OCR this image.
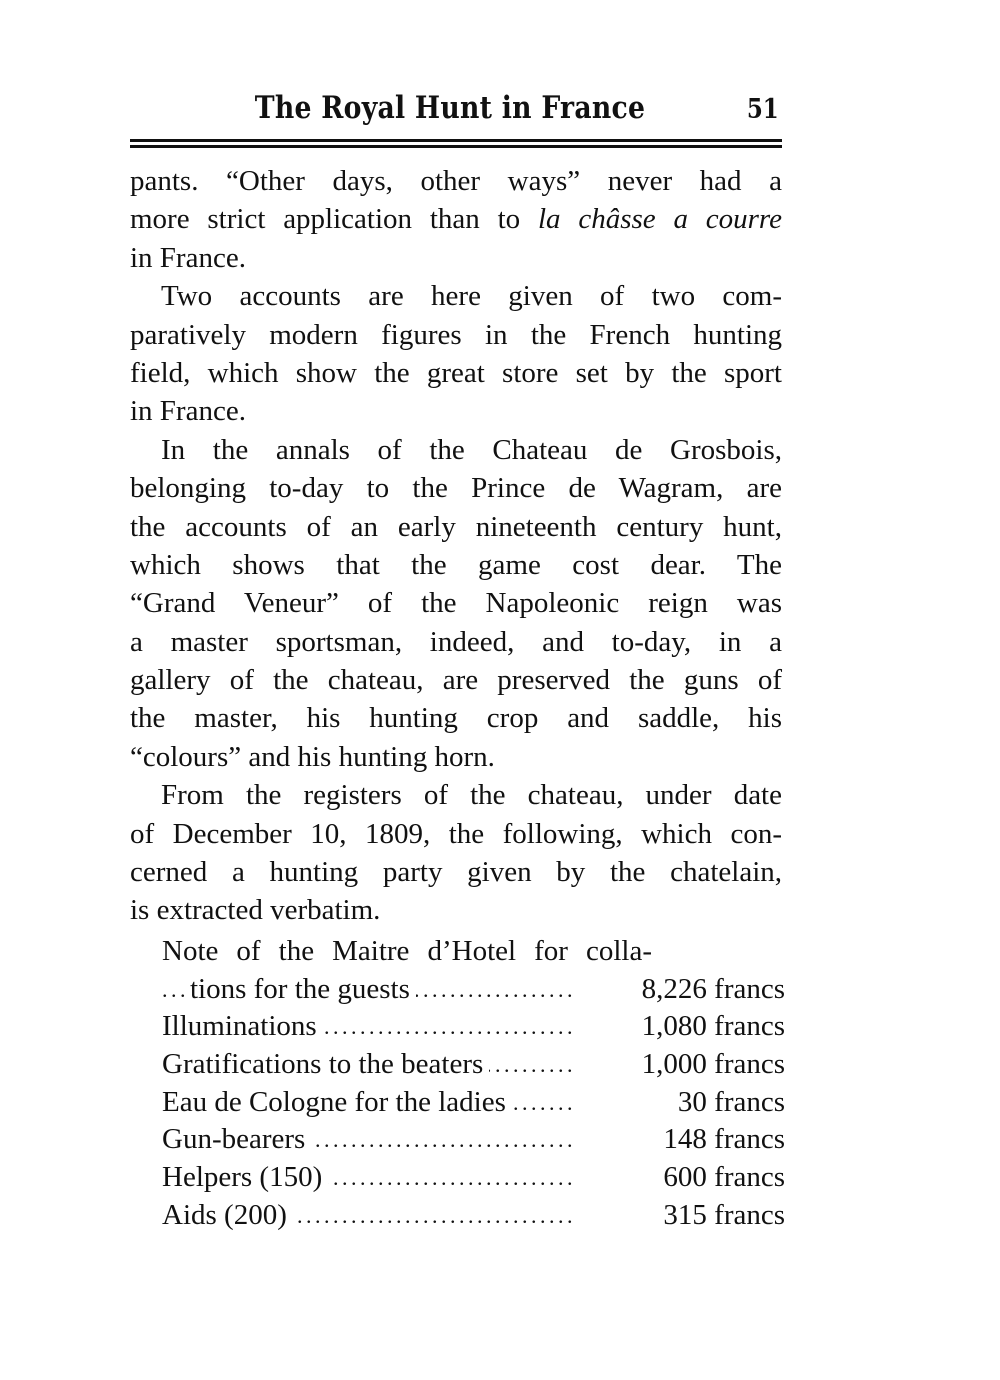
The Royal Hunt in France	51
pants. “Other days, other ways” never had a
more strict application than to la châsse a courre
in France.
Two accounts are here given of two com-
paratively modern figures in the French hunting
field, which show the great store set by the sport
in France.
In the annals of the Chateau de Grosbois,
belonging to-day to the Prince de Wagram, are
the accounts of an early nineteenth century hunt,
which shows that the game cost dear. The
“Grand Veneur” of the Napoleonic reign was
a master sportsman, indeed, and to-day, in a
gallery of the chateau, are preserved the guns of
the master, his hunting crop and saddle, his
“colours” and his hunting horn.
From the registers of the chateau, under date
of December 10, 1809, the following, which con-
cerned a hunting party given by the chatelain,
is extracted verbatim.
Note of the Maitre d’Hotel for colla-
tions for the guests . . .	8,226 francs
Illuminations . . .	1,080 francs
Gratifications to the beaters . . .	1,000 francs
Eau de Cologne for the ladies . . .	30 francs
Gun-bearers . . .	148 francs
Helpers (150) . . .	600 francs
Aids (200) . . .	315 francs
